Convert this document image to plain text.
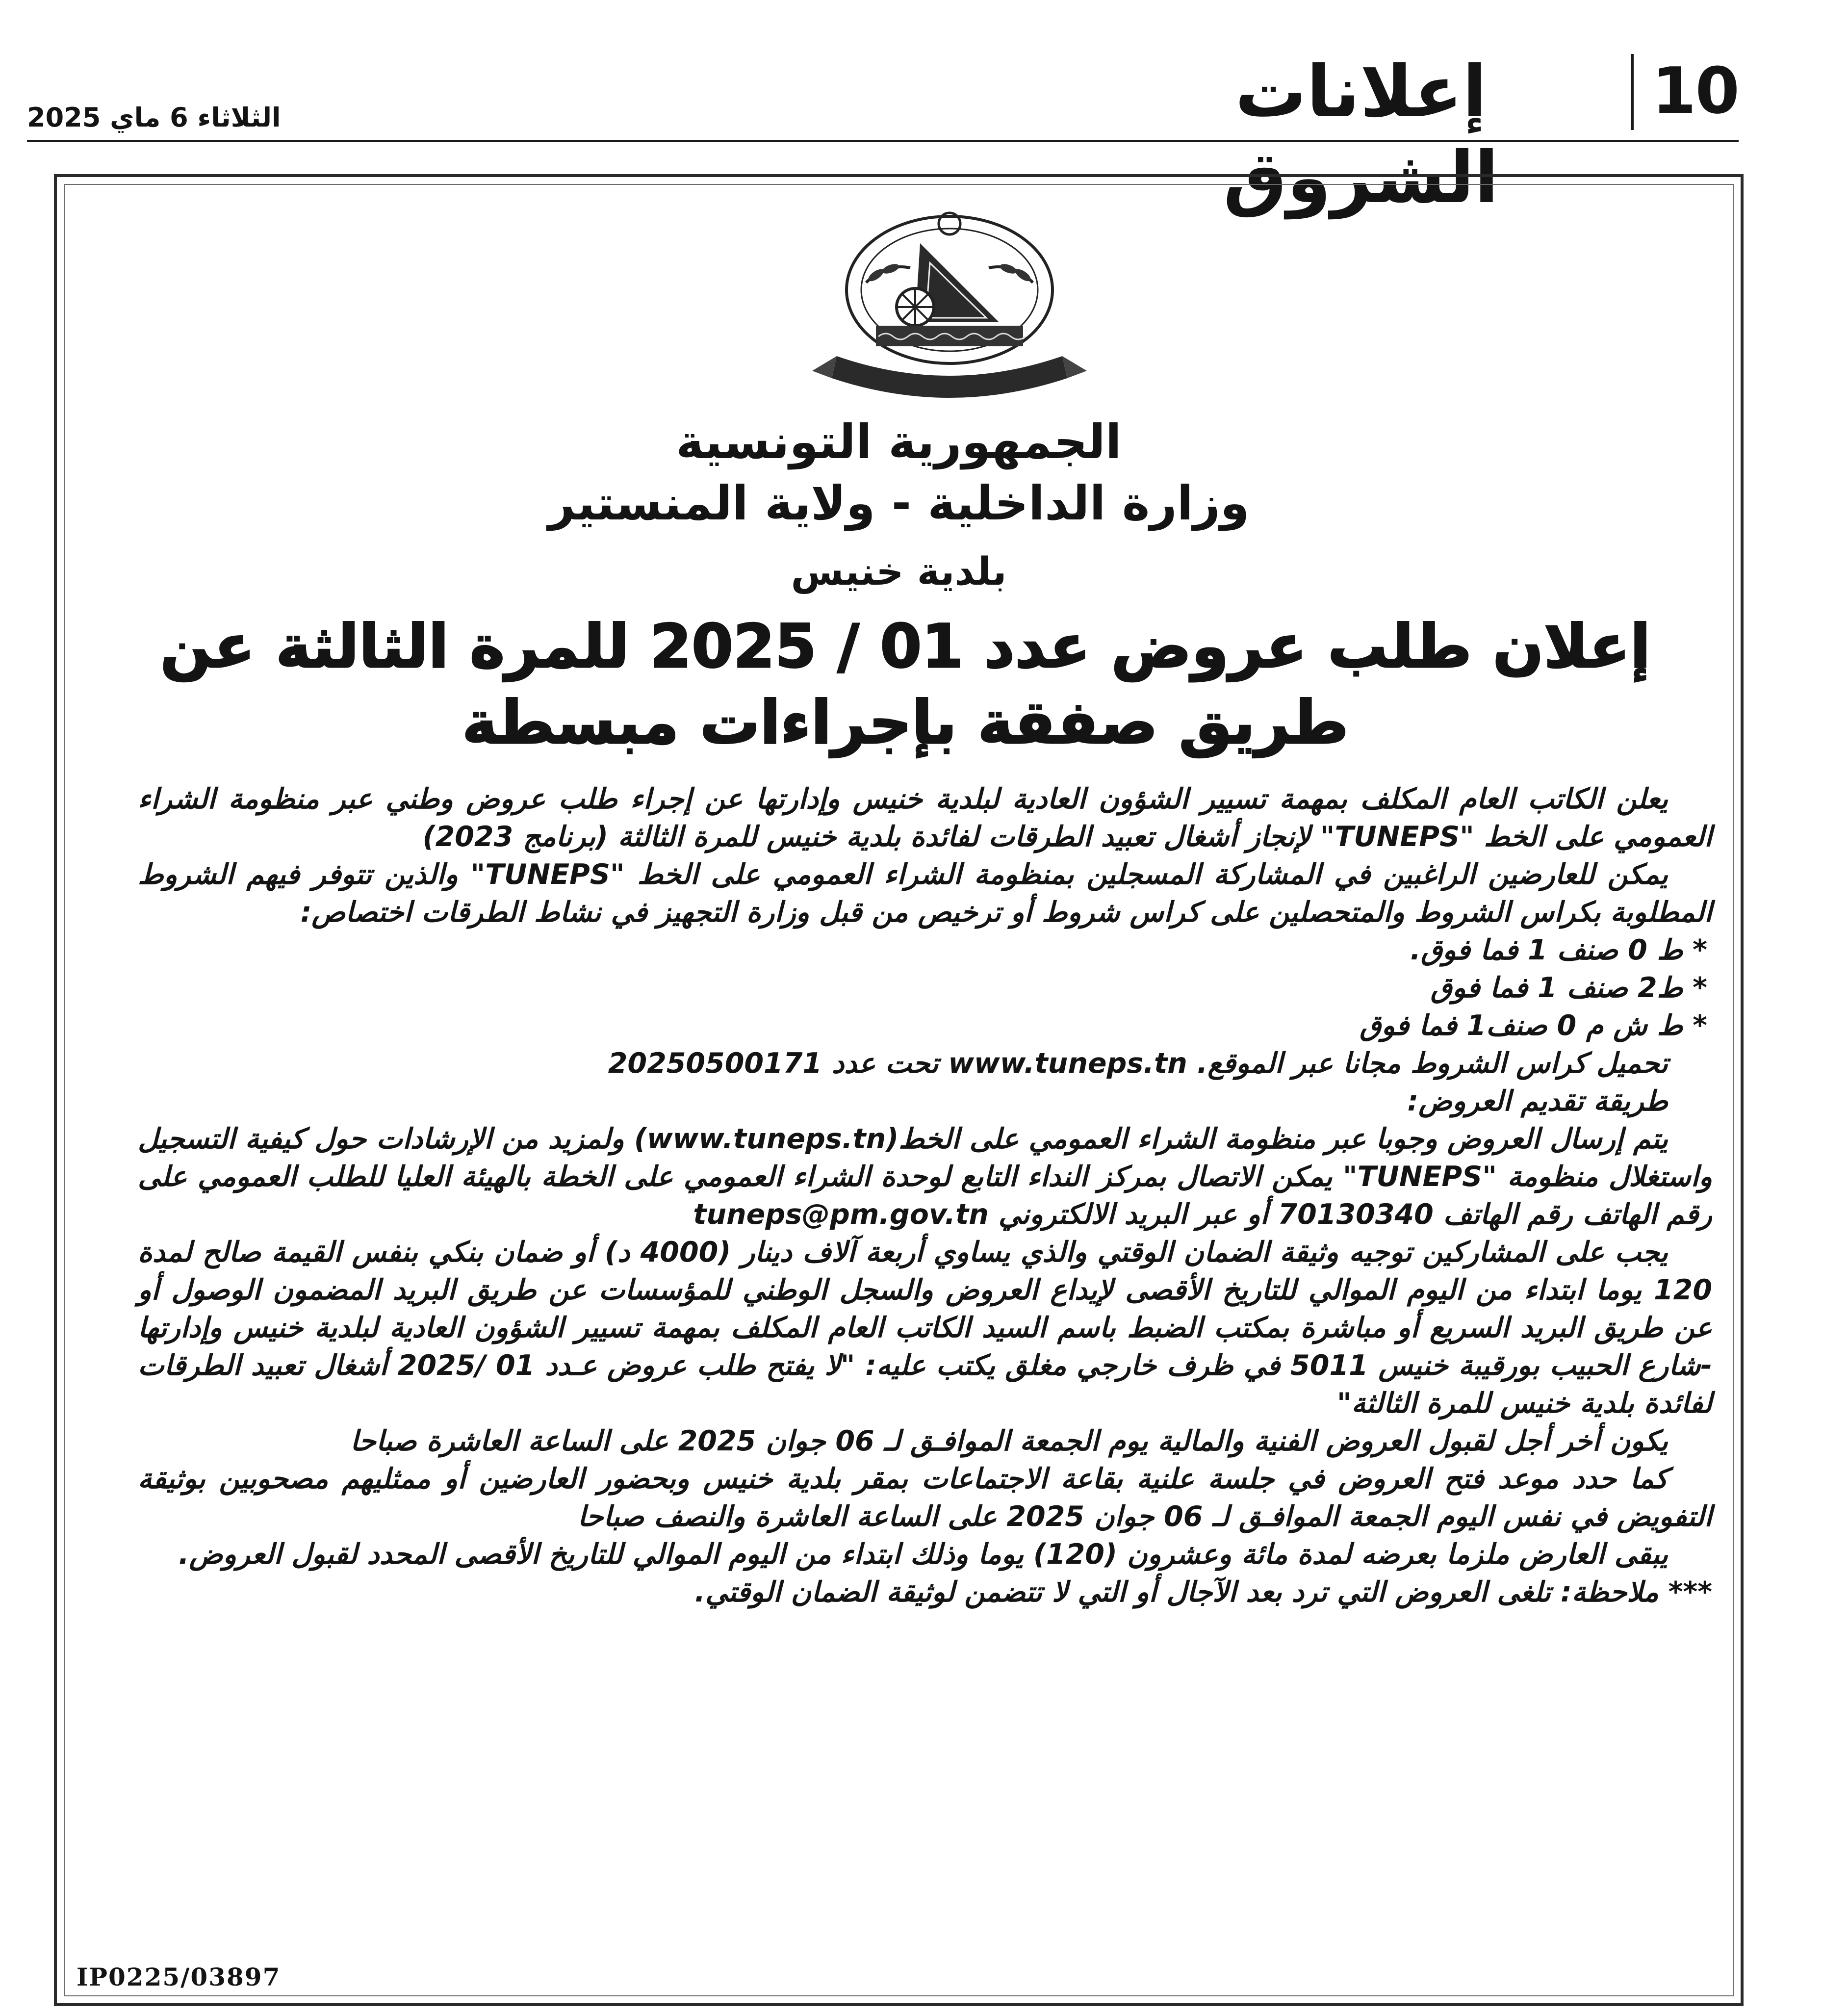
10
إعلانات الشروق
الثلاثاء 6 ماي 2025
الجمهورية التونسية
وزارة الداخلية - ولاية المنستير
بلدية خنيس
إعلان طلب عروض عدد 01 / 2025 للمرة الثالثة عن طريق صفقة بإجراءات مبسطة

يعلن الكاتب العام المكلف بمهمة تسيير الشؤون العادية لبلدية خنيس وإدارتها عن إجراء طلب عروض وطني عبر منظومة الشراء العمومي على الخط "TUNEPS" لإنجاز أشغال تعبيد الطرقات لفائدة بلدية خنيس للمرة الثالثة (برنامج 2023)

يمكن للعارضين الراغبين في المشاركة المسجلين بمنظومة الشراء العمومي على الخط "TUNEPS" والذين تتوفر فيهم الشروط المطلوبة بكراس الشروط والمتحصلين على كراس شروط أو ترخيص من قبل وزارة التجهيز في نشاط الطرقات اختصاص:

* ط 0 صنف 1 فما فوق.

* ط2 صنف 1 فما فوق

* ط ش م 0 صنف1 فما فوق

تحميل كراس الشروط مجانا عبر الموقع. www.tuneps.tn تحت عدد 20250500171

طريقة تقديم العروض:

يتم إرسال العروض وجوبا عبر منظومة الشراء العمومي على الخط(www.tuneps.tn) ولمزيد من الإرشادات حول كيفية التسجيل واستغلال منظومة "TUNEPS" يمكن الاتصال بمركز النداء التابع لوحدة الشراء العمومي على الخطة بالهيئة العليا للطلب العمومي على رقم الهاتف رقم الهاتف 70130340 أو عبر البريد الالكتروني tuneps@pm.gov.tn

يجب على المشاركين توجيه وثيقة الضمان الوقتي والذي يساوي أربعة آلاف دينار (4000 د) أو ضمان بنكي بنفس القيمة صالح لمدة 120 يوما ابتداء من اليوم الموالي للتاريخ الأقصى لإيداع العروض والسجل الوطني للمؤسسات عن طريق البريد المضمون الوصول أو عن طريق البريد السريع أو مباشرة بمكتب الضبط باسم السيد الكاتب العام المكلف بمهمة تسيير الشؤون العادية لبلدية خنيس وإدارتها -شارع الحبيب بورقيبة خنيس 5011 في ظرف خارجي مغلق يكتب عليه: "لا يفتح طلب عروض عـدد 01 /2025 أشغال تعبيد الطرقات لفائدة بلدية خنيس للمرة الثالثة"

يكون أخر أجل لقبول العروض الفنية والمالية يوم الجمعة الموافـق لـ 06 جوان 2025 على الساعة العاشرة صباحا

كما حدد موعد فتح العروض في جلسة علنية بقاعة الاجتماعات بمقر بلدية خنيس وبحضور العارضين أو ممثليهم مصحوبين بوثيقة التفويض في نفس اليوم الجمعة الموافـق لـ 06 جوان 2025 على الساعة العاشرة والنصف صباحا

يبقى العارض ملزما بعرضه لمدة مائة وعشرون (120) يوما وذلك ابتداء من اليوم الموالي للتاريخ الأقصى المحدد لقبول العروض.

*** ملاحظة: تلغى العروض التي ترد بعد الآجال أو التي لا تتضمن لوثيقة الضمان الوقتي.

IP0225/03897
